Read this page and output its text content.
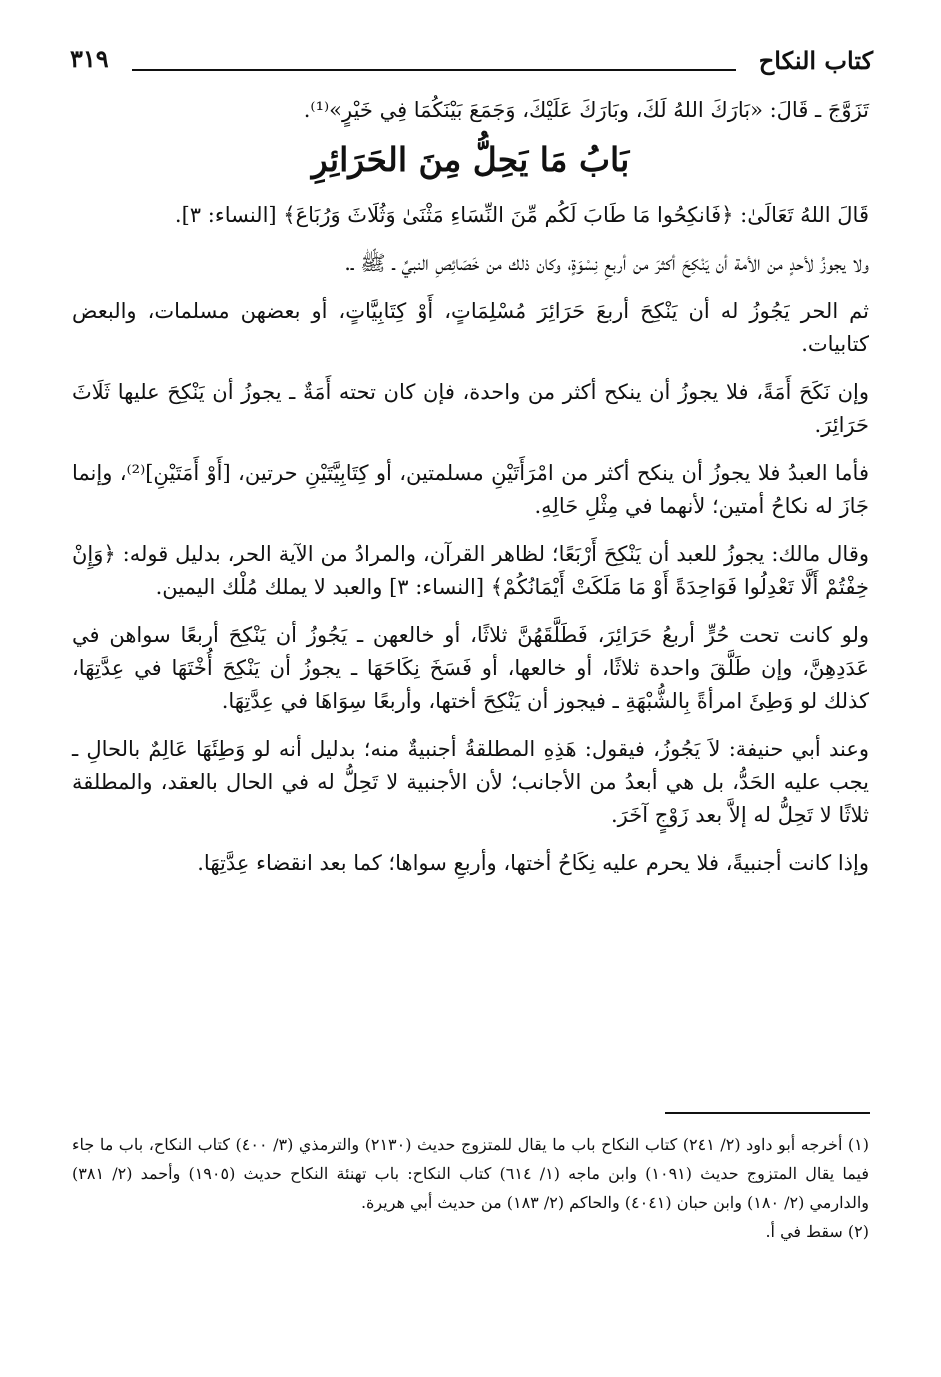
كتاب النكاح
٣١٩

تَزَوَّجَ ـ قَالَ: «بَارَكَ اللهُ لَكَ، وبَارَكَ عَلَيْكَ، وَجَمَعَ بَيْنَكُمَا فِي خَيْرٍ»⁽¹⁾.

بَابُ مَا يَحِلُّ مِنَ الحَرَائِرِ

قَالَ اللهُ تَعَالَىٰ: ﴿فَانكِحُوا مَا طَابَ لَكُم مِّنَ النِّسَاءِ مَثْنَىٰ وَثُلَاثَ وَرُبَاعَ﴾ [النساء: ٣].

ولا يجوزُ لأحدٍ من الأمة أن يَنْكِحَ أكثرَ من أربعِ نِسْوَةٍ، وكان ذلك من خَصَائِصِ النبيِّ ـ ﷺ ـ.

ثم الحر يَجُوزُ له أن يَنْكِحَ أربعَ حَرَائِرَ مُسْلِمَاتٍ، أَوْ كِتَابِيَّاتٍ، أو بعضهن مسلمات، والبعض كتابيات.

وإن نَكَحَ أَمَةً، فلا يجوزُ أن ينكح أكثر من واحدة، فإن كان تحته أَمَةٌ ـ يجوزُ أن يَنْكِحَ عليها ثَلَاثَ حَرَائِرَ.

فأما العبدُ فلا يجوزُ أن ينكح أكثر من امْرَأَتَيْنِ مسلمتين، أو كِتَابِيَّتَيْنِ حرتين، [أَوْ أَمَتَيْنِ]⁽²⁾، وإنما جَازَ له نكاحُ أمتين؛ لأنهما في مِثْلِ حَالِهِ.

وقال مالك: يجوزُ للعبد أن يَنْكِحَ أَرْبَعًا؛ لظاهر القرآن، والمرادُ من الآية الحر، بدليل قوله: ﴿وَإِنْ خِفْتُمْ أَلَّا تَعْدِلُوا فَوَاحِدَةً أَوْ مَا مَلَكَتْ أَيْمَانُكُمْ﴾ [النساء: ٣] والعبد لا يملك مُلْك اليمين.

ولو كانت تحت حُرٍّ أربعُ حَرَائِرَ، فَطَلَّقَهُنَّ ثلاثًا، أو خالعهن ـ يَجُوزُ أن يَنْكِحَ أربعًا سواهن في عَدَدِهِنَّ، وإن طَلَّقَ واحدة ثلاثًا، أو خالعها، أو فَسَخَ نِكَاحَهَا ـ يجوزُ أن يَنْكِحَ أُخْتَهَا في عِدَّتِهَا، كذلك لو وَطِئَ امرأةً بِالشُّبْهَةِ ـ فيجوز أن يَنْكِحَ أختها، وأربعًا سِوَاهَا في عِدَّتِهَا.

وعند أبي حنيفة: لاَ يَجُوزُ، فيقول: هَذِهِ المطلقةُ أجنبيةٌ منه؛ بدليل أنه لو وَطِئَهَا عَالِمٌ بالحالِ ـ يجب عليه الحَدُّ، بل هي أبعدُ من الأجانب؛ لأن الأجنبية لا تَحِلُّ له في الحال بالعقد، والمطلقة ثلاثًا لا تَحِلُّ له إلاَّ بعد زَوْجٍ آخَرَ.

وإذا كانت أجنبيةً، فلا يحرم عليه نِكَاحُ أختها، وأربعِ سواها؛ كما بعد انقضاء عِدَّتِهَا.

(١) أخرجه أبو داود (٢/ ٢٤١) كتاب النكاح باب ما يقال للمتزوج حديث (٢١٣٠) والترمذي (٣/ ٤٠٠) كتاب النكاح، باب ما جاء فيما يقال المتزوج حديث (١٠٩١) وابن ماجه (١/ ٦١٤) كتاب النكاح: باب تهنئة النكاح حديث (١٩٠٥) وأحمد (٢/ ٣٨١) والدارمي (٢/ ١٨٠) وابن حبان (٤٠٤١) والحاكم (٢/ ١٨٣) من حديث أبي هريرة.

(٢) سقط في أ.
